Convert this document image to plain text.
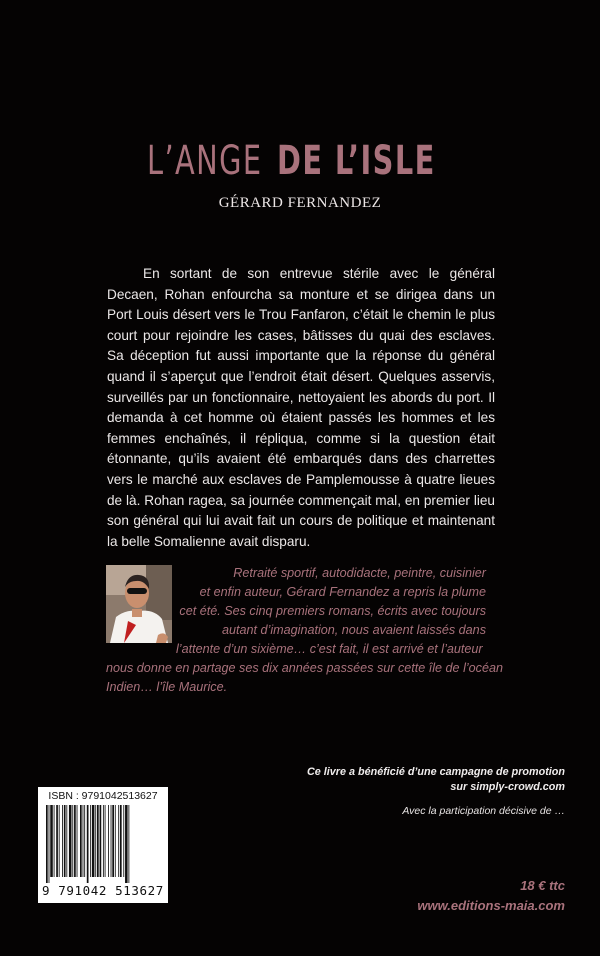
L’ANGE DE L’ISLE
GÉRARD FERNANDEZ

En sortant de son entrevue stérile avec le général Decaen, Rohan enfourcha sa monture et se dirigea dans un Port Louis désert vers le Trou Fanfaron, c’était le chemin le plus court pour rejoindre les cases, bâtisses du quai des esclaves. Sa déception fut aussi importante que la réponse du général quand il s’aperçut que l’endroit était désert. Quelques asservis, surveillés par un fonctionnaire, nettoyaient les abords du port. Il demanda à cet homme où étaient passés les hommes et les femmes enchaînés, il répliqua, comme si la question était étonnante, qu’ils avaient été embarqués dans des charrettes vers le marché aux esclaves de Pamplemousse à quatre lieues de là. Rohan ragea, sa journée commençait mal, en premier lieu son général qui lui avait fait un cours de politique et maintenant la belle Somalienne avait disparu.

Retraité sportif, autodidacte, peintre, cuisinier
et enfin auteur, Gérard Fernandez a repris la plume
cet été. Ses cinq premiers romans, écrits avec toujours
autant d’imagination, nous avaient laissés dans
l’attente d’un sixième… c’est fait, il est arrivé et l’auteur
nous donne en partage ses dix années passées sur cette île de l’océan
Indien… l’île Maurice.
Ce livre a bénéficié d’une campagne de promotion
sur simply-crowd.com
Avec la participation décisive de …
ISBN : 9791042513627
9 791042 513627	18 € ttc
www.editions-maia.com
